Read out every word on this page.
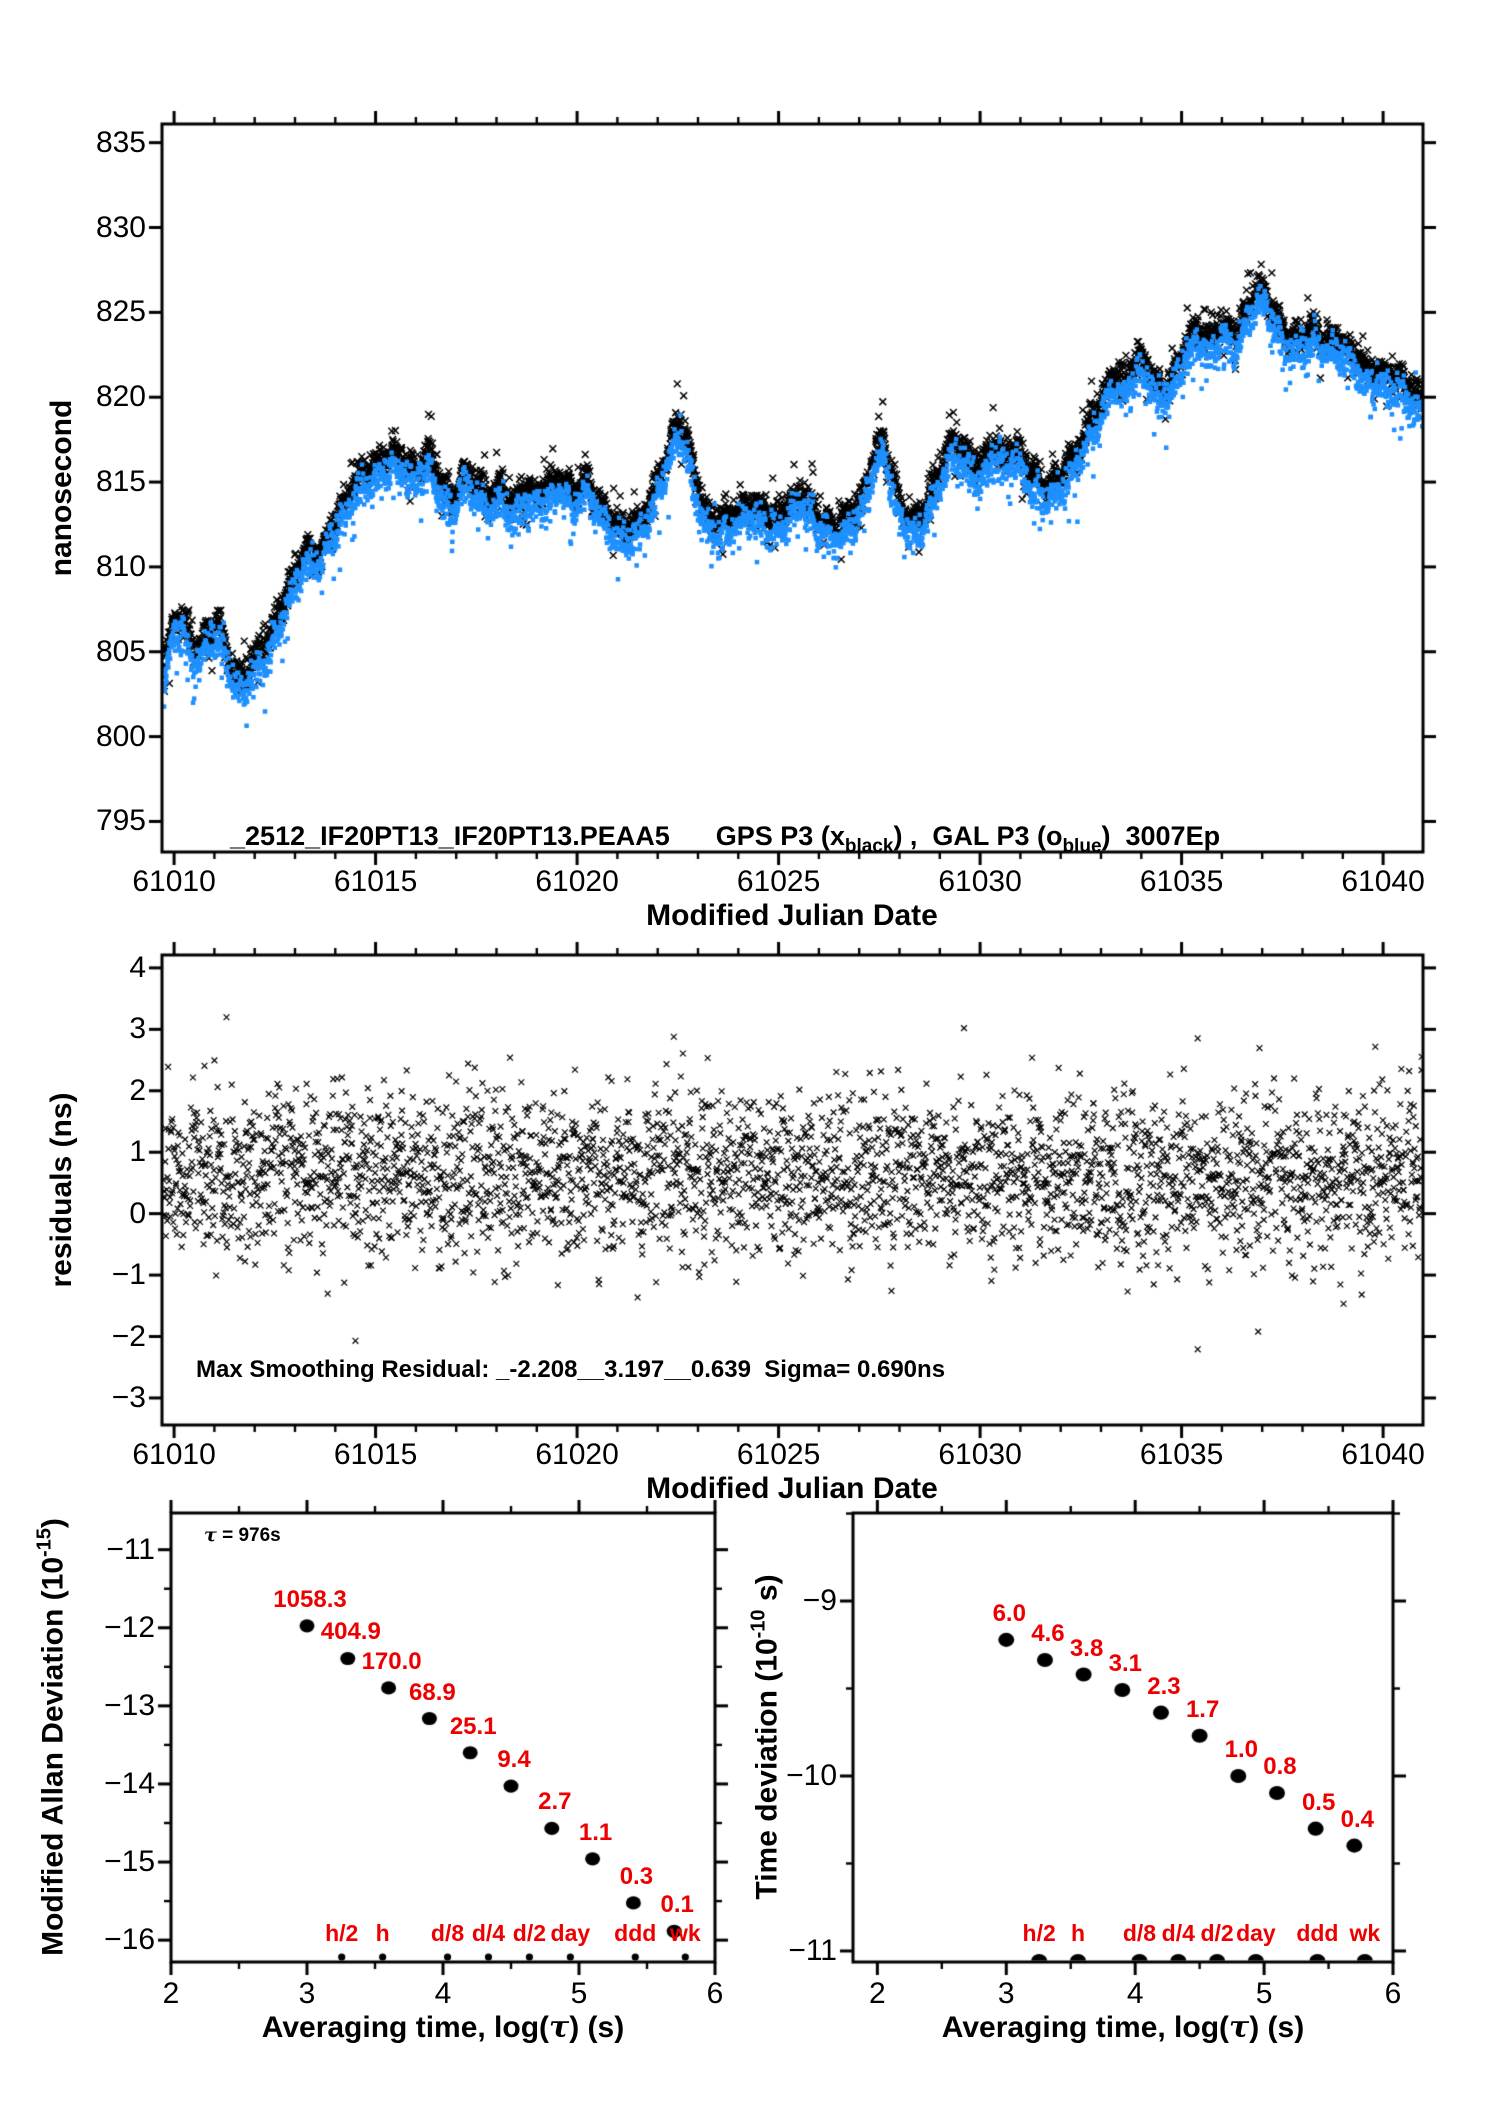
_2512_IF20PT13_IF20PT13.PEAA5 GPS P3 $(x_{black})$ ,  GAL P3 $(o_{blue})$  3007Ep

nanosecond
Modified Julian Date
residuals (ns)
Modified Julian Date
Max Smoothing Residual: _-2.208__3.197__0.639  Sigma= 0.690ns
Modified Allan Deviation $(10^{-15})$
Averaging time, log(τ) (s)
τ = 976s
Time deviation ($10^{-10}$ s)
Averaging time, log(τ) (s)
61010	61015	61020	61025	61030	61035	61040
795
800
805
810
815
820
825
830
835
61010	61015	61020	61025	61030	61035	61040
4
3
2
1
0
−1
−2
−3
1058.3
404.9
170.0
68.9
25.1
9.4
2.7
1.1
0.3
0.1
h/2 h d/8 d/4 d/2 day ddd wk
2	3	4	5	6
−11
−12
−13
−14
−15
−16
6.0
4.6
3.8
3.1
2.3
1.7
1.0
0.8
0.5
0.4
h/2 h d/8 d/4 d/2 day ddd wk
2	3	4	5	6
−9
−10
−11
